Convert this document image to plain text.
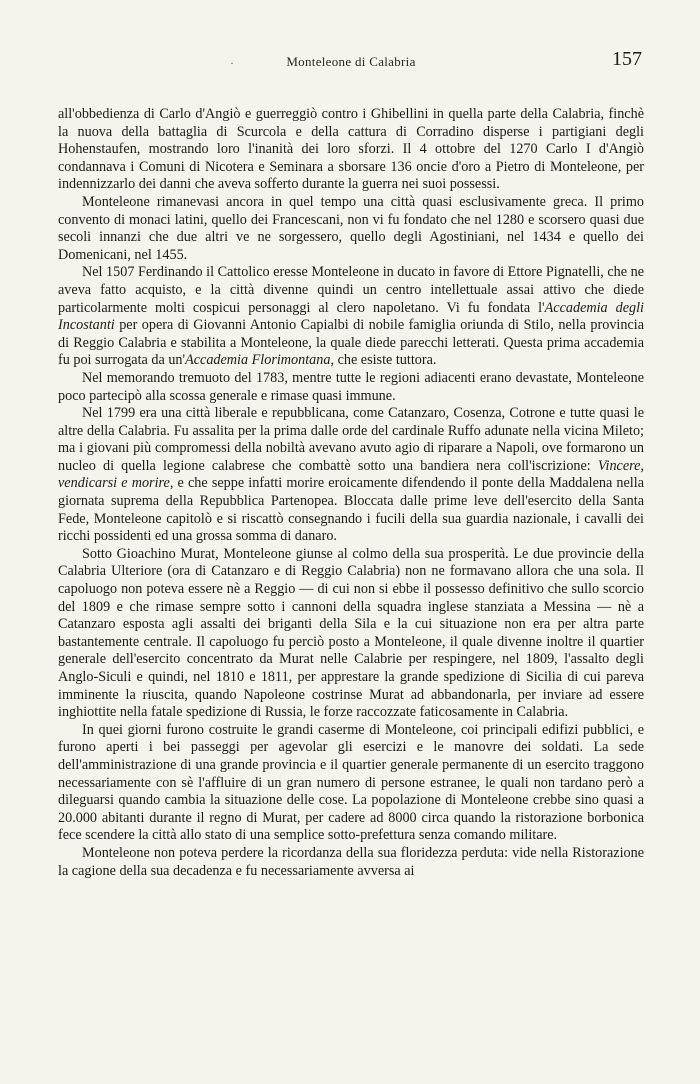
·	Monteleone di Calabria	157

all'obbedienza di Carlo d'Angiò e guerreggiò contro i Ghibellini in quella parte della Calabria, finchè la nuova della battaglia di Scurcola e della cattura di Corradino disperse i partigiani degli Hohenstaufen, mostrando loro l'inanità dei loro sforzi. Il 4 ottobre del 1270 Carlo I d'Angiò condannava i Comuni di Nicotera e Seminara a sborsare 136 oncie d'oro a Pietro di Monteleone, per indennizzarlo dei danni che aveva sofferto durante la guerra nei suoi possessi.

Monteleone rimanevasi ancora in quel tempo una città quasi esclusivamente greca. Il primo convento di monaci latini, quello dei Francescani, non vi fu fondato che nel 1280 e scorsero quasi due secoli innanzi che due altri ve ne sorgessero, quello degli Agostiniani, nel 1434 e quello dei Domenicani, nel 1455.

Nel 1507 Ferdinando il Cattolico eresse Monteleone in ducato in favore di Ettore Pignatelli, che ne aveva fatto acquisto, e la città divenne quindi un centro intellettuale assai attivo che diede particolarmente molti cospicui personaggi al clero napoletano. Vi fu fondata l'Accademia degli Incostanti per opera di Giovanni Antonio Capialbi di nobile famiglia oriunda di Stilo, nella provincia di Reggio Calabria e stabilita a Monteleone, la quale diede parecchi letterati. Questa prima accademia fu poi surrogata da un'Accademia Florimontana, che esiste tuttora.

Nel memorando tremuoto del 1783, mentre tutte le regioni adiacenti erano devastate, Monteleone poco partecipò alla scossa generale e rimase quasi immune.

Nel 1799 era una città liberale e repubblicana, come Catanzaro, Cosenza, Cotrone e tutte quasi le altre della Calabria. Fu assalita per la prima dalle orde del cardinale Ruffo adunate nella vicina Mileto; ma i giovani più compromessi della nobiltà avevano avuto agio di riparare a Napoli, ove formarono un nucleo di quella legione calabrese che combattè sotto una bandiera nera coll'iscrizione: Vincere, vendicarsi e morire, e che seppe infatti morire eroicamente difendendo il ponte della Maddalena nella giornata suprema della Repubblica Partenopea. Bloccata dalle prime leve dell'esercito della Santa Fede, Monteleone capitolò e si riscattò consegnando i fucili della sua guardia nazionale, i cavalli dei ricchi possidenti ed una grossa somma di danaro.

Sotto Gioachino Murat, Monteleone giunse al colmo della sua prosperità. Le due provincie della Calabria Ulteriore (ora di Catanzaro e di Reggio Calabria) non ne formavano allora che una sola. Il capoluogo non poteva essere nè a Reggio — di cui non si ebbe il possesso definitivo che sullo scorcio del 1809 e che rimase sempre sotto i cannoni della squadra inglese stanziata a Messina — nè a Catanzaro esposta agli assalti dei briganti della Sila e la cui situazione non era per altra parte bastantemente centrale. Il capoluogo fu perciò posto a Monteleone, il quale divenne inoltre il quartier generale dell'esercito concentrato da Murat nelle Calabrie per respingere, nel 1809, l'assalto degli Anglo-Siculi e quindi, nel 1810 e 1811, per apprestare la grande spedizione di Sicilia di cui pareva imminente la riuscita, quando Napoleone costrinse Murat ad abbandonarla, per inviare ad essere inghiottite nella fatale spedizione di Russia, le forze raccozzate faticosamente in Calabria.

In quei giorni furono costruite le grandi caserme di Monteleone, coi principali edifizi pubblici, e furono aperti i bei passeggi per agevolar gli esercizi e le manovre dei soldati. La sede dell'amministrazione di una grande provincia e il quartier generale permanente di un esercito traggono necessariamente con sè l'affluire di un gran numero di persone estranee, le quali non tardano però a dileguarsi quando cambia la situazione delle cose. La popolazione di Monteleone crebbe sino quasi a 20.000 abitanti durante il regno di Murat, per cadere ad 8000 circa quando la ristorazione borbonica fece scendere la città allo stato di una semplice sotto-prefettura senza comando militare.

Monteleone non poteva perdere la ricordanza della sua floridezza perduta: vide nella Ristorazione la cagione della sua decadenza e fu necessariamente avversa ai
